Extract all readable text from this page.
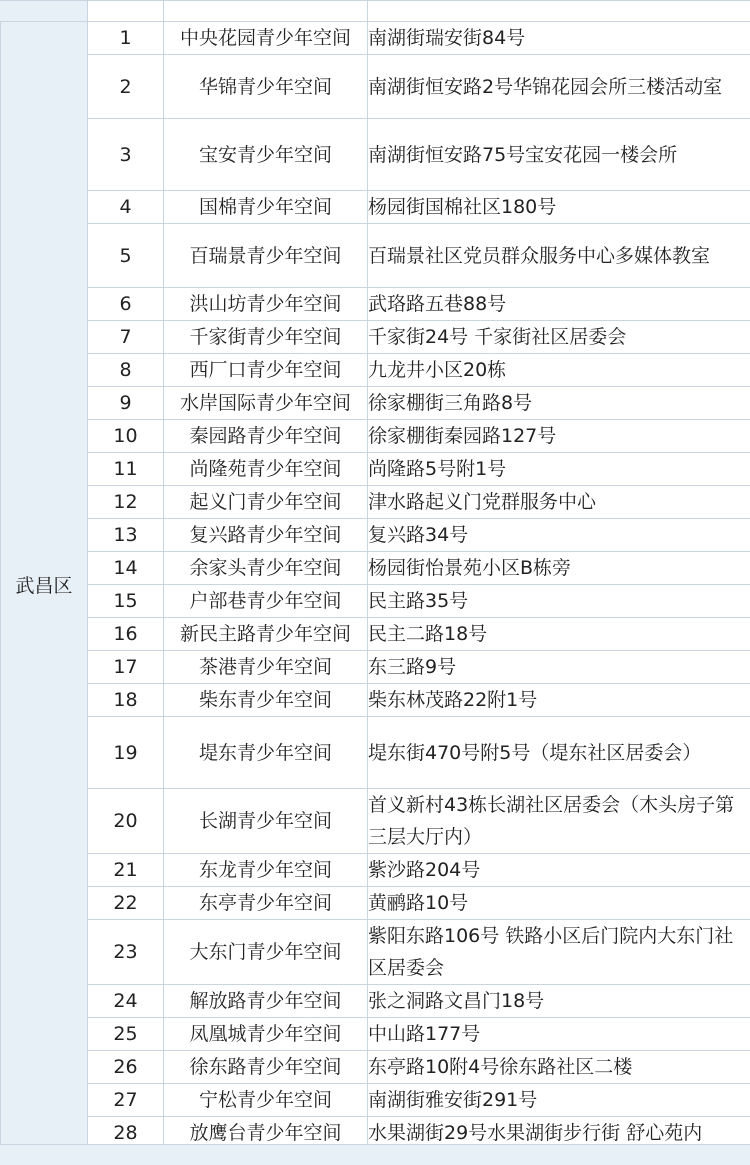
武昌区	1	中央花园青少年空间	南湖街瑞安街84号
	2	华锦青少年空间	南湖街恒安路2号华锦花园会所三楼活动室
	3	宝安青少年空间	南湖街恒安路75号宝安花园一楼会所
	4	国棉青少年空间	杨园街国棉社区180号
	5	百瑞景青少年空间	百瑞景社区党员群众服务中心多媒体教室
	6	洪山坊青少年空间	武珞路五巷88号
	7	千家街青少年空间	千家街24号 千家街社区居委会
	8	西厂口青少年空间	九龙井小区20栋
	9	水岸国际青少年空间	徐家棚街三角路8号
	10	秦园路青少年空间	徐家棚街秦园路127号
	11	尚隆苑青少年空间	尚隆路5号附1号
	12	起义门青少年空间	津水路起义门党群服务中心
	13	复兴路青少年空间	复兴路34号
	14	余家头青少年空间	杨园街怡景苑小区B栋旁
	15	户部巷青少年空间	民主路35号
	16	新民主路青少年空间	民主二路18号
	17	茶港青少年空间	东三路9号
	18	柴东青少年空间	柴东林茂路22附1号
	19	堤东青少年空间	堤东街470号附5号（堤东社区居委会）
	20	长湖青少年空间	首义新村43栋长湖社区居委会（木头房子第三层大厅内）
	21	东龙青少年空间	紫沙路204号
	22	东亭青少年空间	黄鹂路10号
	23	大东门青少年空间	紫阳东路106号 铁路小区后门院内大东门社区居委会
	24	解放路青少年空间	张之洞路文昌门18号
	25	凤凰城青少年空间	中山路177号
	26	徐东路青少年空间	东亭路10附4号徐东路社区二楼
	27	宁松青少年空间	南湖街雅安街291号
	28	放鹰台青少年空间	水果湖街29号水果湖街步行街 舒心苑内
